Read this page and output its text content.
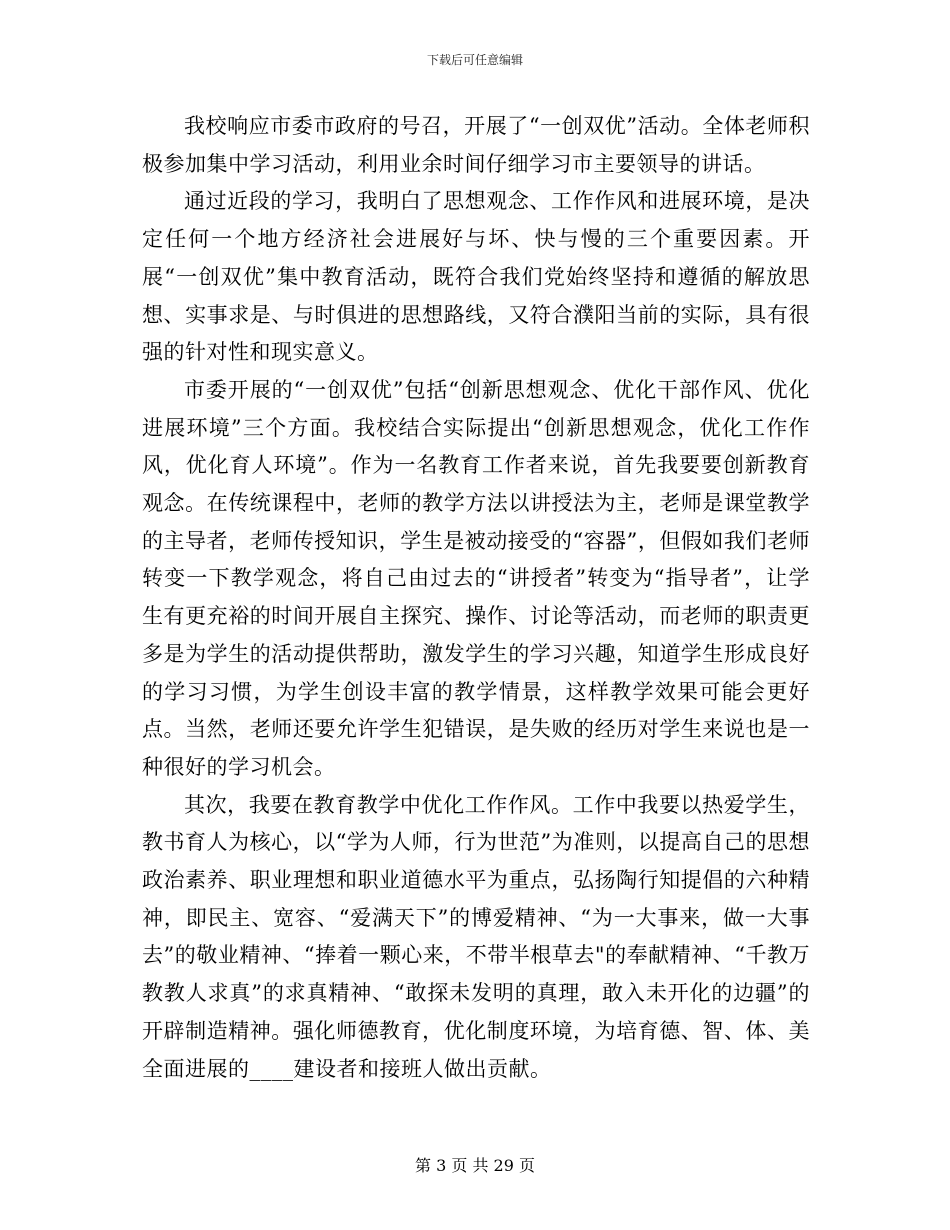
下载后可任意编辑

我校响应市委市政府的号召，开展了“一创双优”活动。全体老师积极参加集中学习活动，利用业余时间仔细学习市主要领导的讲话。

通过近段的学习，我明白了思想观念、工作作风和进展环境，是决定任何一个地方经济社会进展好与坏、快与慢的三个重要因素。开展“一创双优”集中教育活动，既符合我们党始终坚持和遵循的解放思想、实事求是、与时俱进的思想路线，又符合濮阳当前的实际，具有很强的针对性和现实意义。

市委开展的“一创双优”包括“创新思想观念、优化干部作风、优化进展环境”三个方面。我校结合实际提出“创新思想观念，优化工作作风，优化育人环境”。作为一名教育工作者来说，首先我要要创新教育观念。在传统课程中，老师的教学方法以讲授法为主，老师是课堂教学的主导者，老师传授知识，学生是被动接受的“容器”，但假如我们老师转变一下教学观念，将自己由过去的“讲授者”转变为“指导者”，让学生有更充裕的时间开展自主探究、操作、讨论等活动，而老师的职责更多是为学生的活动提供帮助，激发学生的学习兴趣，知道学生形成良好的学习习惯，为学生创设丰富的教学情景，这样教学效果可能会更好点。当然，老师还要允许学生犯错误，是失败的经历对学生来说也是一种很好的学习机会。

其次，我要在教育教学中优化工作作风。工作中我要以热爱学生，教书育人为核心，以“学为人师，行为世范”为准则，以提高自己的思想政治素养、职业理想和职业道德水平为重点，弘扬陶行知提倡的六种精神，即民主、宽容、“爱满天下”的博爱精神、“为一大事来，做一大事去”的敬业精神、“捧着一颗心来，不带半根草去"的奉献精神、“千教万教教人求真”的求真精神、“敢探未发明的真理，敢入未开化的边疆”的开辟制造精神。强化师德教育，优化制度环境，为培育德、智、体、美全面进展的____建设者和接班人做出贡献。

第 3 页 共 29 页
